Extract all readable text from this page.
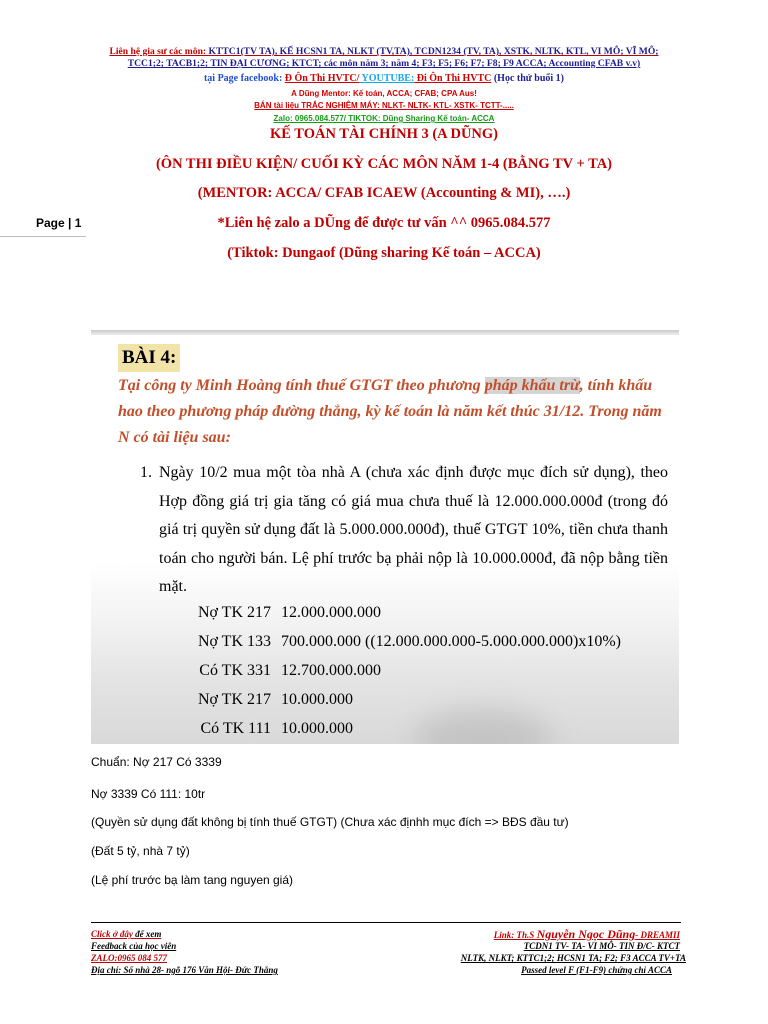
Liên hệ gia sư các môn: KTTC1(TV TA), KẾ HCSN1 TA, NLKT (TV,TA), TCDN1234 (TV, TA), XSTK, NLTK, KTL, VI MÔ; VĨ MÔ;
TCC1;2; TACB1;2; TIN ĐẠI CƯƠNG; KTCT; các môn năm 3; năm 4; F3; F5; F6; F7; F8; F9 ACCA; Accounting CFAB v.v)
tại Page facebook: Đ Ôn Thi HVTC/ YOUTUBE: Đi Ôn Thi HVTC (Học thử buổi 1)
A Dũng Mentor: Kế toán, ACCA; CFAB; CPA Aus!
BÁN tài liệu TRẮC NGHIỆM MÁY: NLKT- NLTK- KTL- XSTK- TCTT-.....
Zalo: 0965.084.577/ TIKTOK: Dũng Sharing Kế toán- ACCA
KẾ TOÁN TÀI CHÍNH 3 (A DŨNG)
(ÔN THI ĐIỀU KIỆN/ CUỐI KỲ CÁC MÔN NĂM 1-4 (BẰNG TV + TA)
(MENTOR: ACCA/ CFAB ICAEW (Accounting & MI), ….)
*Liên hệ zalo a DŨng để được tư vấn ^^ 0965.084.577
(Tiktok: Dungaof (Dũng sharing Kế toán – ACCA)
Page | 1
BÀI 4:
Tại công ty Minh Hoàng tính thuế GTGT theo phương pháp khấu trừ, tính khấu hao theo phương pháp đường thẳng, kỳ kế toán là năm kết thúc 31/12. Trong năm N có tài liệu sau:
1. Ngày 10/2 mua một tòa nhà A (chưa xác định được mục đích sử dụng), theo Hợp đồng giá trị gia tăng có giá mua chưa thuế là 12.000.000.000đ (trong đó giá trị quyền sử dụng đất là 5.000.000.000đ), thuế GTGT 10%, tiền chưa thanh toán cho người bán. Lệ phí trước bạ phải nộp là 10.000.000đ, đã nộp bằng tiền mặt.
Nợ TK 217 12.000.000.000
Nợ TK 133 700.000.000 ((12.000.000.000-5.000.000.000)x10%)
Có TK 331 12.700.000.000
Nợ TK 217 10.000.000
Có TK 111 10.000.000
Chuẩn: Nợ 217 Có 3339
Nợ 3339 Có 111: 10tr
(Quyền sử dụng đất không bị tính thuế GTGT) (Chưa xác địnhh mục đích => BĐS đầu tư)
(Đất 5 tỷ, nhà 7 tỷ)
(Lệ phí trước bạ làm tang nguyen giá)
Click ở đây để xem
Feedback của học viên
ZALO:0965 084 577
Địa chỉ: Số nhà 28- ngõ 176 Văn Hội- Đức Thắng
Link: Th.S Nguyễn Ngọc Dũng- DREAMII
TCDN1 TV- TA- VI MÔ- TIN Đ/C- KTCT
NLTK, NLKT; KTTC1;2; HCSN1 TA; F2; F3 ACCA TV+TA
Passed level F (F1-F9) chứng chỉ ACCA
